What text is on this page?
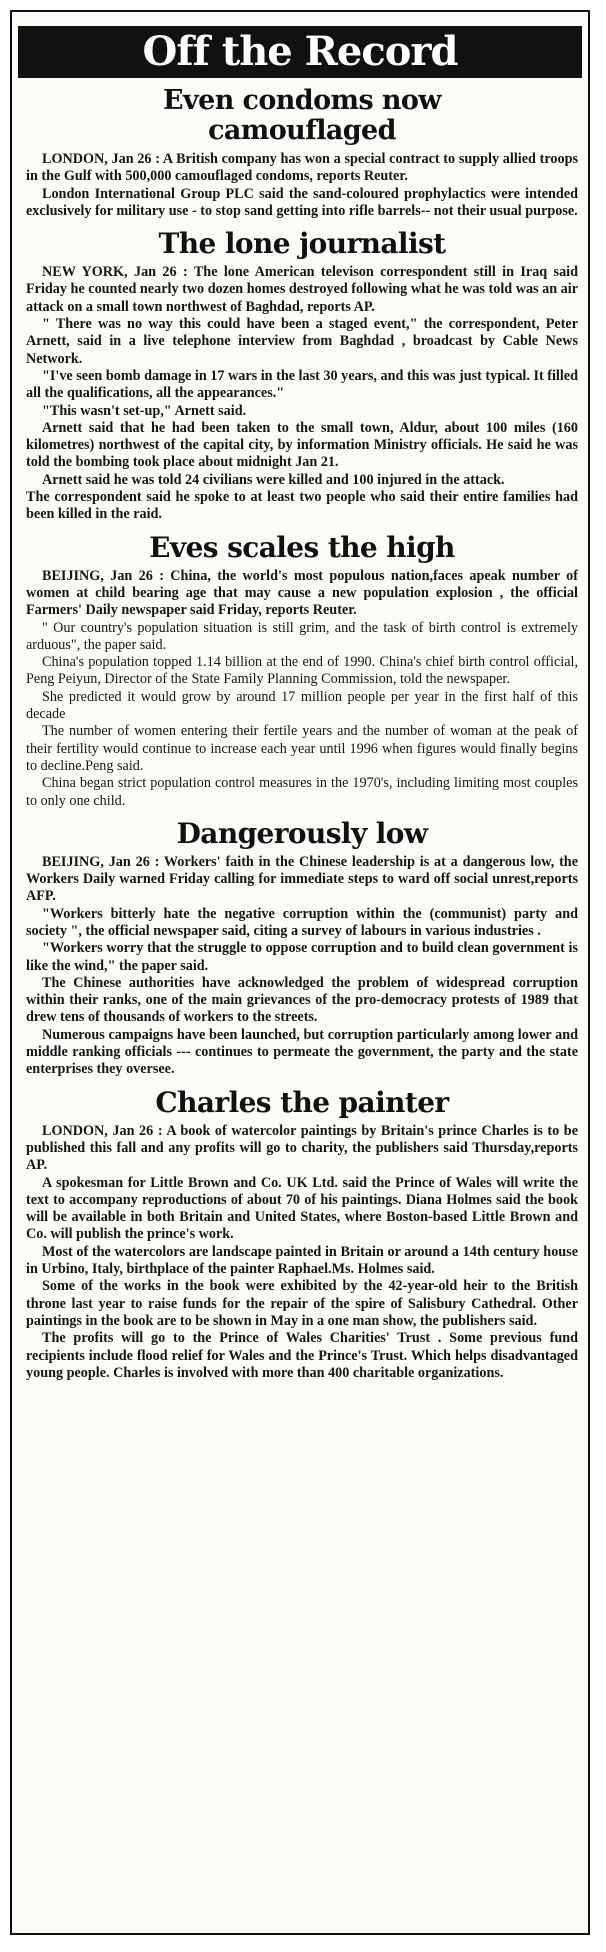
Off the Record
Even condoms now camouflaged

LONDON, Jan 26 : A British company has won a special contract to supply allied troops in the Gulf with 500,000 camouflaged condoms, reports Reuter.

London International Group PLC said the sand-coloured prophylactics were intended exclusively for military use - to stop sand getting into rifle barrels-- not their usual purpose.

The lone journalist

NEW YORK, Jan 26 : The lone American televison correspondent still in Iraq said Friday he counted nearly two dozen homes destroyed following what he was told was an air attack on a small town northwest of Baghdad, reports AP.

" There was no way this could have been a staged event," the correspondent, Peter Arnett, said in a live telephone interview from Baghdad , broadcast by Cable News Network.

"I've seen bomb damage in 17 wars in the last 30 years, and this was just typical. It filled all the qualifications, all the appearances."

"This wasn't set-up," Arnett said.

Arnett said that he had been taken to the small town, Aldur, about 100 miles (160 kilometres) northwest of the capital city, by information Ministry officials. He said he was told the bombing took place about midnight Jan 21.

Arnett said he was told 24 civilians were killed and 100 injured in the attack.

The correspondent said he spoke to at least two people who said their entire families had been killed in the raid.

Eves scales the high

BEIJING, Jan 26 : China, the world's most populous nation,faces apeak number of women at child bearing age that may cause a new population explosion , the official Farmers' Daily newspaper said Friday, reports Reuter.

" Our country's population situation is still grim, and the task of birth control is extremely arduous", the paper said.

China's population topped 1.14 billion at the end of 1990. China's chief birth control official, Peng Peiyun, Director of the State Family Planning Commission, told the newspaper.

She predicted it would grow by around 17 million people per year in the first half of this decade

The number of women entering their fertile years and the number of woman at the peak of their fertility would continue to increase each year until 1996 when figures would finally begins to decline.Peng said.

China began strict population control measures in the 1970's, including limiting most couples to only one child.

Dangerously low

BEIJING, Jan 26 : Workers' faith in the Chinese leadership is at a dangerous low, the Workers Daily warned Friday calling for immediate steps to ward off social unrest,reports AFP.

"Workers bitterly hate the negative corruption within the (communist) party and society ", the official newspaper said, citing a survey of labours in various industries .

"Workers worry that the struggle to oppose corruption and to build clean government is like the wind," the paper said.

The Chinese authorities have acknowledged the problem of widespread corruption within their ranks, one of the main grievances of the pro-democracy protests of 1989 that drew tens of thousands of workers to the streets.

Numerous campaigns have been launched, but corruption particularly among lower and middle ranking officials --- continues to permeate the government, the party and the state enterprises they oversee.

Charles the painter

LONDON, Jan 26 : A book of watercolor paintings by Britain's prince Charles is to be published this fall and any profits will go to charity, the publishers said Thursday,reports AP.

A spokesman for Little Brown and Co. UK Ltd. said the Prince of Wales will write the text to accompany reproductions of about 70 of his paintings. Diana Holmes said the book will be available in both Britain and United States, where Boston-based Little Brown and Co. will publish the prince's work.

Most of the watercolors are landscape painted in Britain or around a 14th century house in Urbino, Italy, birthplace of the painter Raphael.Ms. Holmes said.

Some of the works in the book were exhibited by the 42-year-old heir to the British throne last year to raise funds for the repair of the spire of Salisbury Cathedral. Other paintings in the book are to be shown in May in a one man show, the publishers said.

The profits will go to the Prince of Wales Charities' Trust . Some previous fund recipients include flood relief for Wales and the Prince's Trust. Which helps disadvantaged young people. Charles is involved with more than 400 charitable organizations.
